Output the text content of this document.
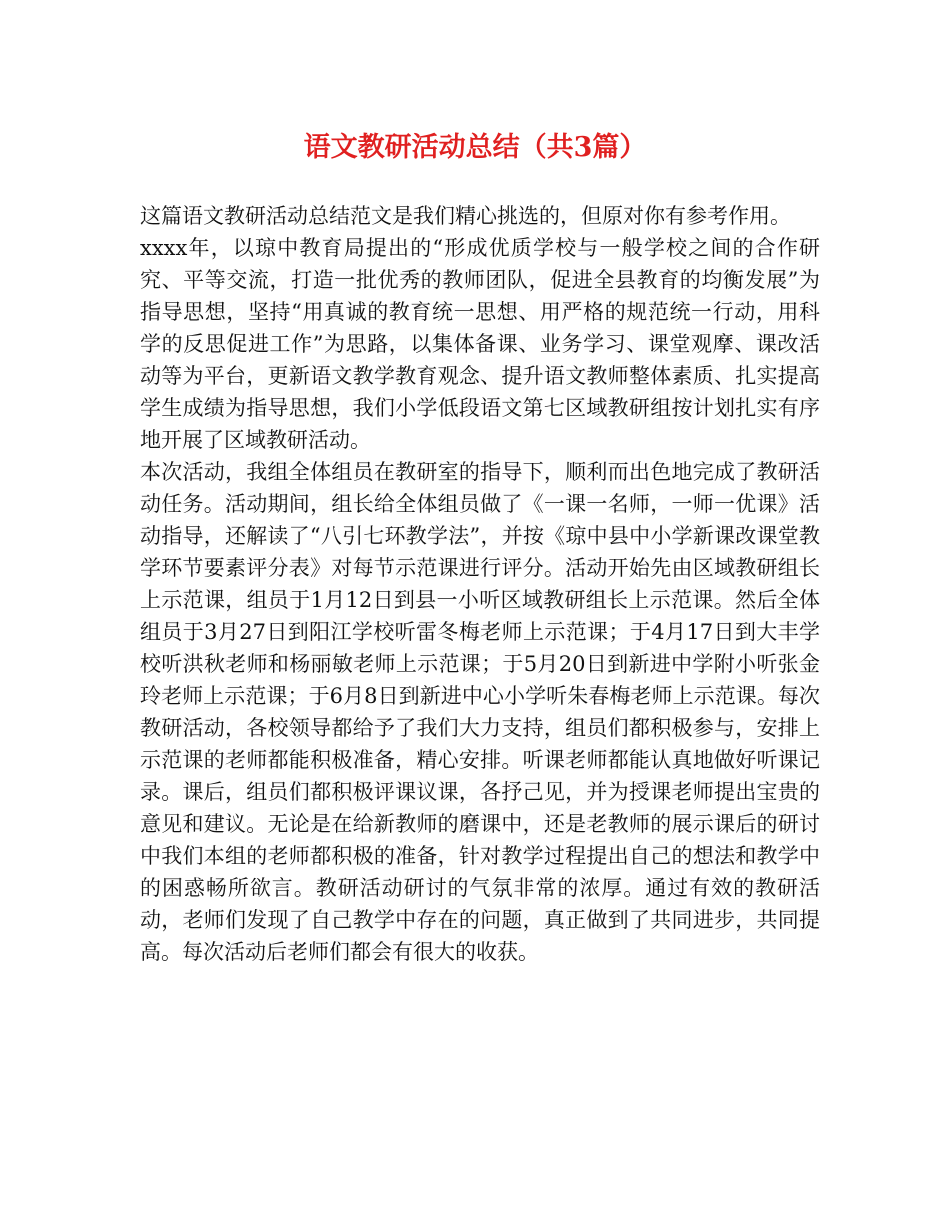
语文教研活动总结（共3篇）

这篇语文教研活动总结范文是我们精心挑选的，但原对你有参考作用。

xxxx年，以琼中教育局提出的“形成优质学校与一般学校之间的合作研究、平等交流，打造一批优秀的教师团队，促进全县教育的均衡发展”为指导思想，坚持“用真诚的教育统一思想、用严格的规范统一行动，用科学的反思促进工作”为思路，以集体备课、业务学习、课堂观摩、课改活动等为平台，更新语文教学教育观念、提升语文教师整体素质、扎实提高学生成绩为指导思想，我们小学低段语文第七区域教研组按计划扎实有序地开展了区域教研活动。

本次活动，我组全体组员在教研室的指导下，顺利而出色地完成了教研活动任务。活动期间，组长给全体组员做了《一课一名师，一师一优课》活动指导，还解读了“八引七环教学法”，并按《琼中县中小学新课改课堂教学环节要素评分表》对每节示范课进行评分。活动开始先由区域教研组长上示范课，组员于1月12日到县一小听区域教研组长上示范课。然后全体组员于3月27日到阳江学校听雷冬梅老师上示范课；于4月17日到大丰学校听洪秋老师和杨丽敏老师上示范课；于5月20日到新进中学附小听张金玲老师上示范课；于6月8日到新进中心小学听朱春梅老师上示范课。每次教研活动，各校领导都给予了我们大力支持，组员们都积极参与，安排上示范课的老师都能积极准备，精心安排。听课老师都能认真地做好听课记录。课后，组员们都积极评课议课，各抒己见，并为授课老师提出宝贵的意见和建议。无论是在给新教师的磨课中，还是老教师的展示课后的研讨中我们本组的老师都积极的准备，针对教学过程提出自己的想法和教学中的困惑畅所欲言。教研活动研讨的气氛非常的浓厚。通过有效的教研活动，老师们发现了自己教学中存在的问题，真正做到了共同进步，共同提高。每次活动后老师们都会有很大的收获。
